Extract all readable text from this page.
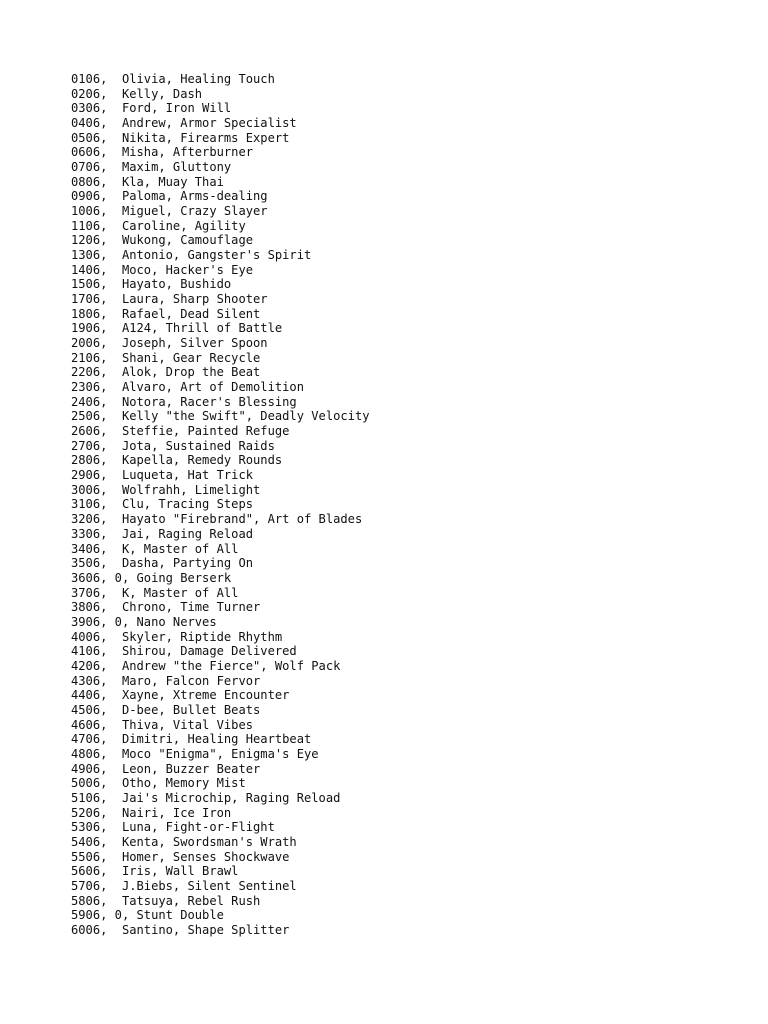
0106,  Olivia, Healing Touch
0206,  Kelly, Dash
0306,  Ford, Iron Will
0406,  Andrew, Armor Specialist
0506,  Nikita, Firearms Expert
0606,  Misha, Afterburner
0706,  Maxim, Gluttony
0806,  Kla, Muay Thai
0906,  Paloma, Arms-dealing
1006,  Miguel, Crazy Slayer
1106,  Caroline, Agility
1206,  Wukong, Camouflage
1306,  Antonio, Gangster's Spirit
1406,  Moco, Hacker's Eye
1506,  Hayato, Bushido
1706,  Laura, Sharp Shooter
1806,  Rafael, Dead Silent
1906,  A124, Thrill of Battle
2006,  Joseph, Silver Spoon
2106,  Shani, Gear Recycle
2206,  Alok, Drop the Beat
2306,  Alvaro, Art of Demolition
2406,  Notora, Racer's Blessing
2506,  Kelly "the Swift", Deadly Velocity
2606,  Steffie, Painted Refuge
2706,  Jota, Sustained Raids
2806,  Kapella, Remedy Rounds
2906,  Luqueta, Hat Trick
3006,  Wolfrahh, Limelight
3106,  Clu, Tracing Steps
3206,  Hayato "Firebrand", Art of Blades
3306,  Jai, Raging Reload
3406,  K, Master of All
3506,  Dasha, Partying On
3606, 0, Going Berserk
3706,  K, Master of All
3806,  Chrono, Time Turner
3906, 0, Nano Nerves
4006,  Skyler, Riptide Rhythm
4106,  Shirou, Damage Delivered
4206,  Andrew "the Fierce", Wolf Pack
4306,  Maro, Falcon Fervor
4406,  Xayne, Xtreme Encounter
4506,  D-bee, Bullet Beats
4606,  Thiva, Vital Vibes
4706,  Dimitri, Healing Heartbeat
4806,  Moco "Enigma", Enigma's Eye
4906,  Leon, Buzzer Beater
5006,  Otho, Memory Mist
5106,  Jai's Microchip, Raging Reload
5206,  Nairi, Ice Iron
5306,  Luna, Fight-or-Flight
5406,  Kenta, Swordsman's Wrath
5506,  Homer, Senses Shockwave
5606,  Iris, Wall Brawl
5706,  J.Biebs, Silent Sentinel
5806,  Tatsuya, Rebel Rush
5906, 0, Stunt Double
6006,  Santino, Shape Splitter
